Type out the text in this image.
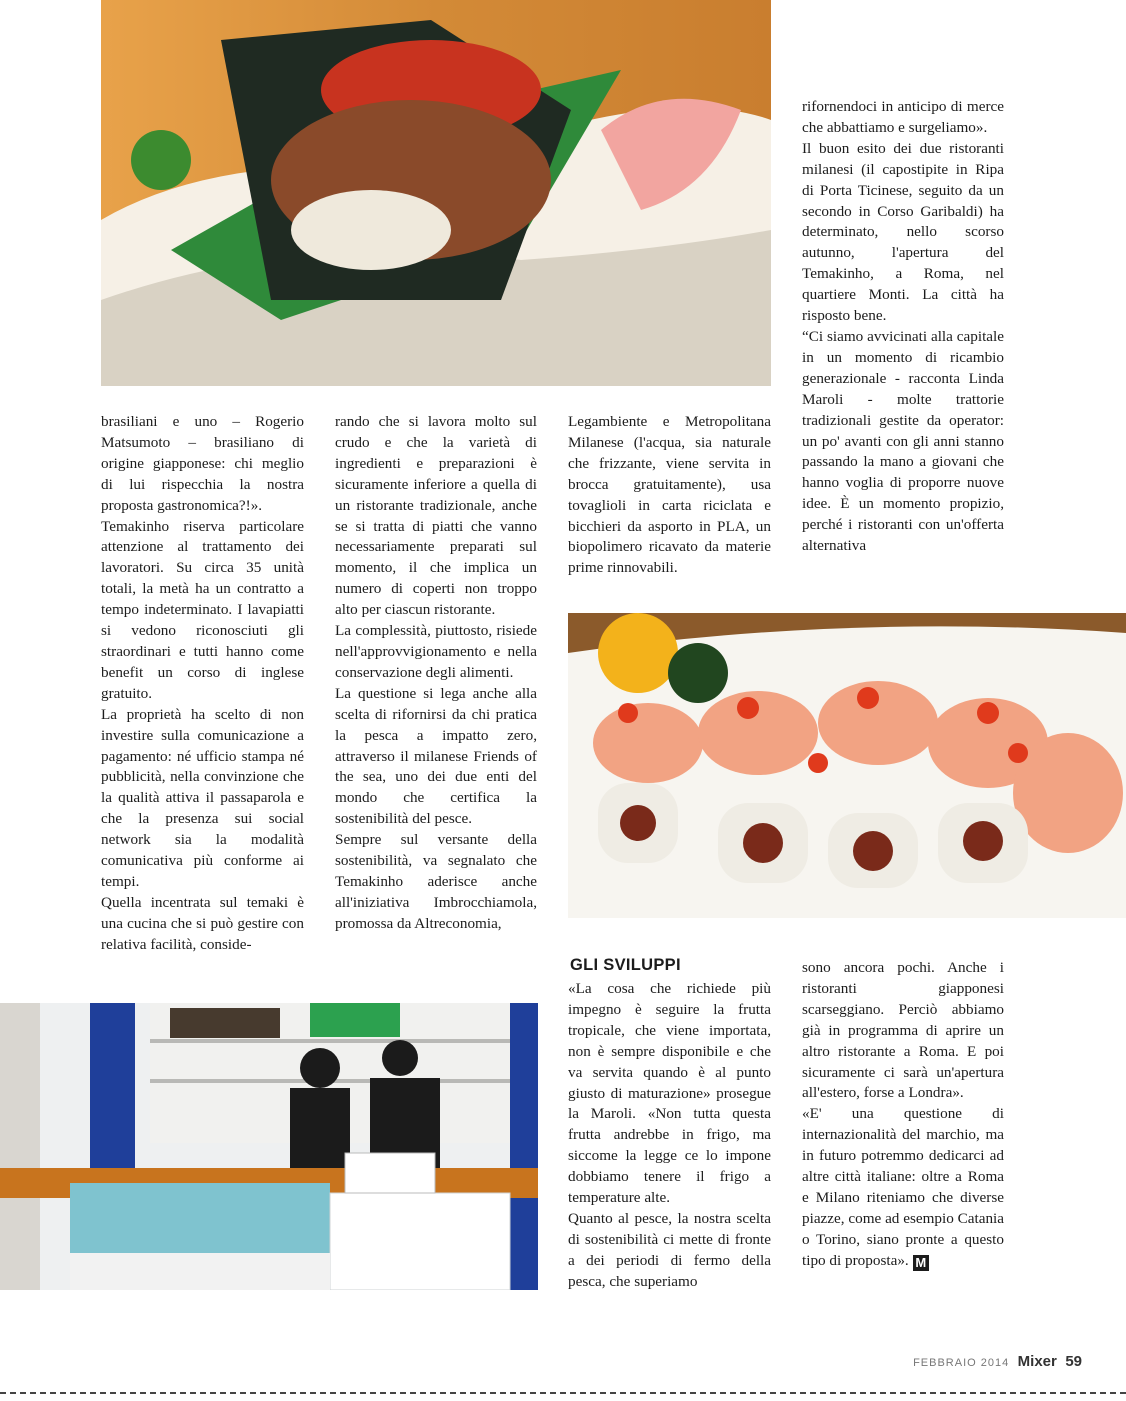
brasiliani e uno – Rogerio Matsumoto – brasiliano di origine giapponese: chi meglio di lui rispecchia la nostra proposta gastronomica?!».

Temakinho riserva particolare attenzione al trattamento dei lavoratori. Su circa 35 unità totali, la metà ha un contratto a tempo indeterminato. I lavapiatti si vedono riconosciuti gli straordinari e tutti hanno come benefit un corso di inglese gratuito.

La proprietà ha scelto di non investire sulla comunicazione a pagamento: né ufficio stampa né pubblicità, nella convinzione che la qualità attiva il passaparola e che la presenza sui social network sia la modalità comunicativa più conforme ai tempi.

Quella incentrata sul temaki è una cucina che si può gestire con relativa facilità, conside-

rando che si lavora molto sul crudo e che la varietà di ingredienti e preparazioni è sicuramente inferiore a quella di un ristorante tradizionale, anche se si tratta di piatti che vanno necessariamente preparati sul momento, il che implica un numero di coperti non troppo alto per ciascun ristorante.

La complessità, piuttosto, risiede nell'approvvigionamento e nella conservazione degli alimenti.

La questione si lega anche alla scelta di rifornirsi da chi pratica la pesca a impatto zero, attraverso il milanese Friends of the sea, uno dei due enti del mondo che certifica la sostenibilità del pesce.

Sempre sul versante della sostenibilità, va segnalato che Temakinho aderisce anche all'iniziativa Imbrocchiamola, promossa da Altreconomia,

Legambiente e Metropolitana Milanese (l'acqua, sia naturale che frizzante, viene servita in brocca gratuitamente), usa tovaglioli in carta riciclata e bicchieri da asporto in PLA, un biopolimero ricavato da materie prime rinnovabili.

rifornendoci in anticipo di merce che abbattiamo e surgeliamo».

Il buon esito dei due ristoranti milanesi (il capostipite in Ripa di Porta Ticinese, seguito da un secondo in Corso Garibaldi) ha determinato, nello scorso autunno, l'apertura del Temakinho, a Roma, nel quartiere Monti. La città ha risposto bene.

“Ci siamo avvicinati alla capitale in un momento di ricambio generazionale - racconta Linda Maroli - molte trattorie tradizionali gestite da operator: un po' avanti con gli anni stanno passando la mano a giovani che hanno voglia di proporre nuove idee. È un momento propizio, perché i ristoranti con un'offerta alternativa

GLI SVILUPPI

«La cosa che richiede più impegno è seguire la frutta tropicale, che viene importata, non è sempre disponibile e che va servita quando è al punto giusto di maturazione» prosegue la Maroli. «Non tutta questa frutta andrebbe in frigo, ma siccome la legge ce lo impone dobbiamo tenere il frigo a temperature alte.

Quanto al pesce, la nostra scelta di sostenibilità ci mette di fronte a dei periodi di fermo della pesca, che superiamo

sono ancora pochi. Anche i ristoranti giapponesi scarseggiano. Perciò abbiamo già in programma di aprire un altro ristorante a Roma. E poi sicuramente ci sarà un'apertura all'estero, forse a Londra».

«E' una questione di internazionalità del marchio, ma in futuro potremmo dedicarci ad altre città italiane: oltre a Roma e Milano riteniamo che diverse piazze, come ad esempio Catania o Torino, siano pronte a questo tipo di proposta». M

FEBBRAIO 2014 Mixer 59
